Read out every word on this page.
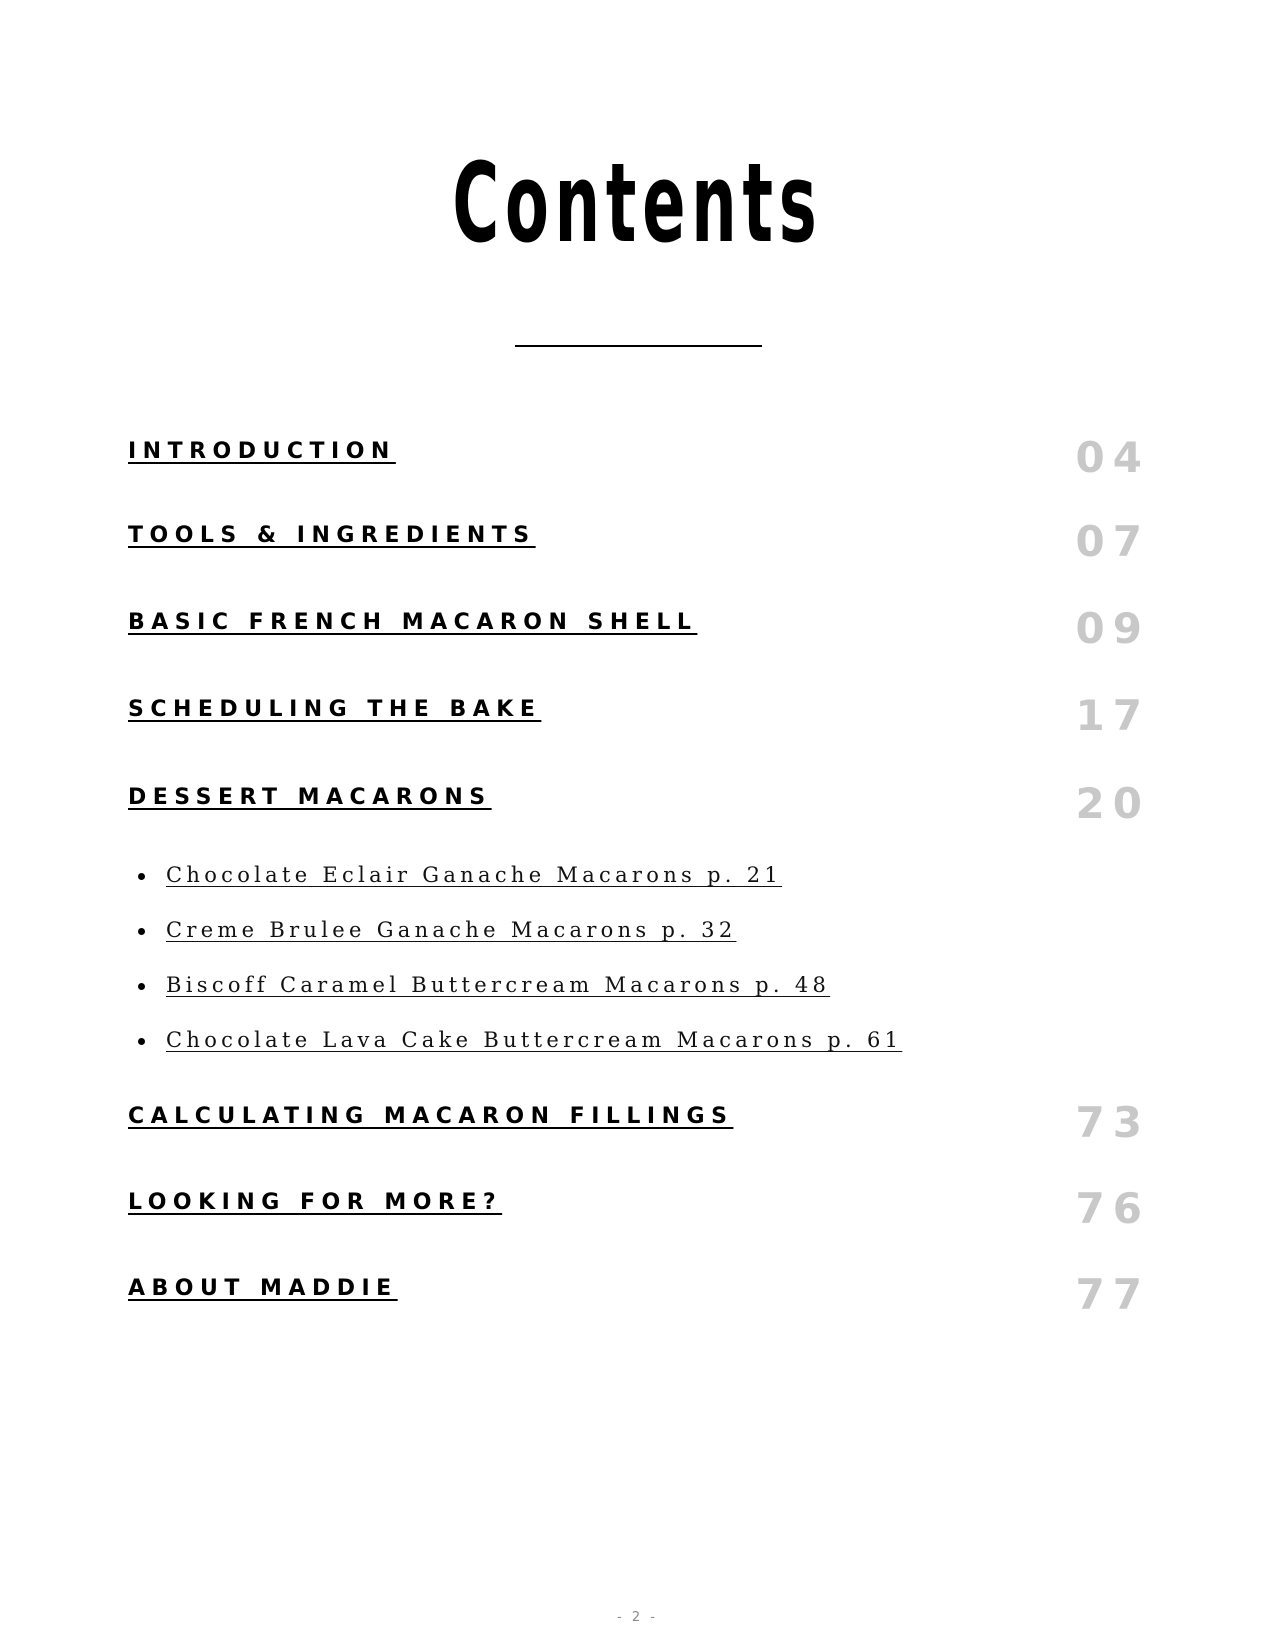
Contents
INTRODUCTION	04
TOOLS & INGREDIENTS	07
BASIC FRENCH MACARON SHELL	09
SCHEDULING THE BAKE	17
DESSERT MACARONS	20
Chocolate Eclair Ganache Macarons p. 21
Creme Brulee Ganache Macarons p. 32
Biscoff Caramel Buttercream Macarons p. 48
Chocolate Lava Cake Buttercream Macarons p. 61
CALCULATING MACARON FILLINGS	73
LOOKING FOR MORE?	76
ABOUT MADDIE	77
- 2 -
